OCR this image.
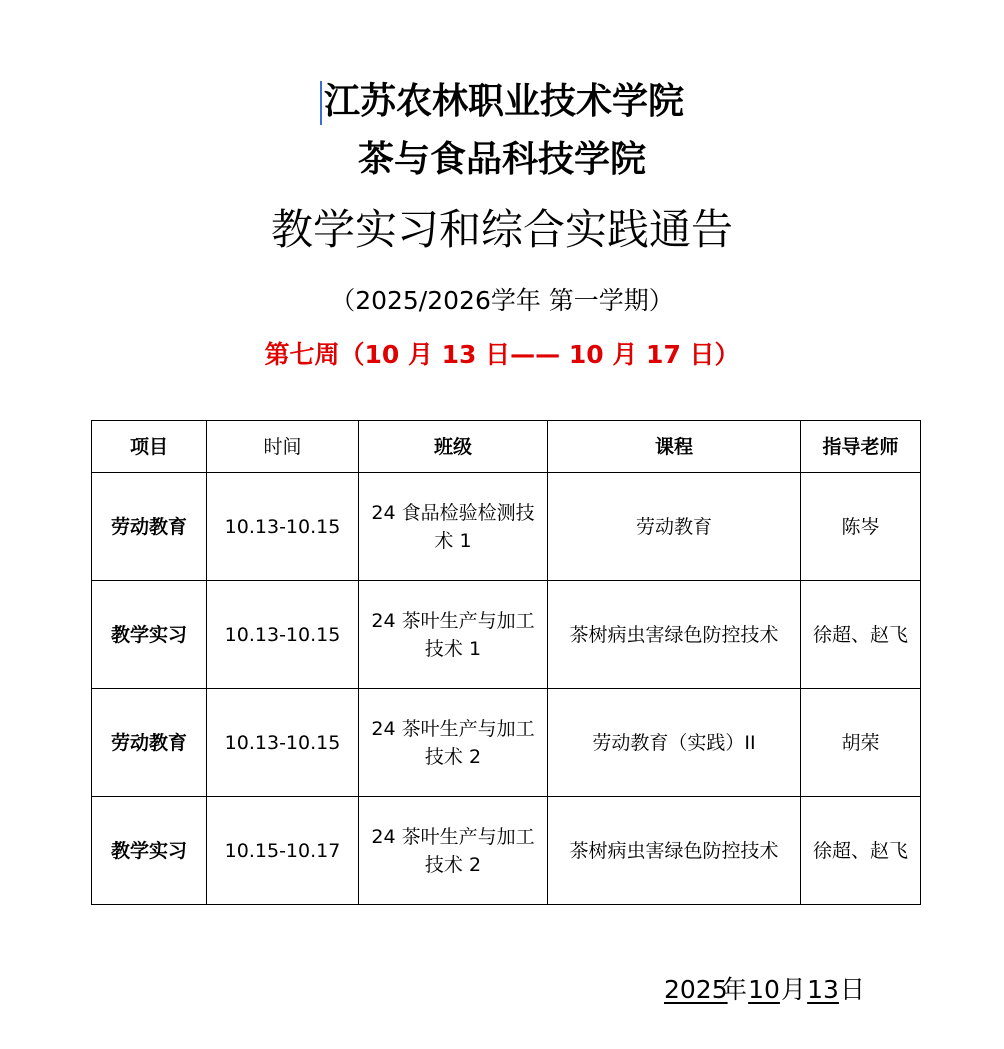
江苏农林职业技术学院
茶与食品科技学院
教学实习和综合实践通告
（2025/2026学年 第一学期）
第七周（10 月 13 日—— 10 月 17 日）
项目	时间	班级	课程	指导老师
劳动教育	10.13-10.15	24 食品检验检测技术 1	劳动教育	陈岑
教学实习	10.13-10.15	24 茶叶生产与加工技术 1	茶树病虫害绿色防控技术	徐超、赵飞
劳动教育	10.13-10.15	24 茶叶生产与加工技术 2	劳动教育（实践）II	胡荣
教学实习	10.15-10.17	24 茶叶生产与加工技术 2	茶树病虫害绿色防控技术	徐超、赵飞
2025年10月13日
